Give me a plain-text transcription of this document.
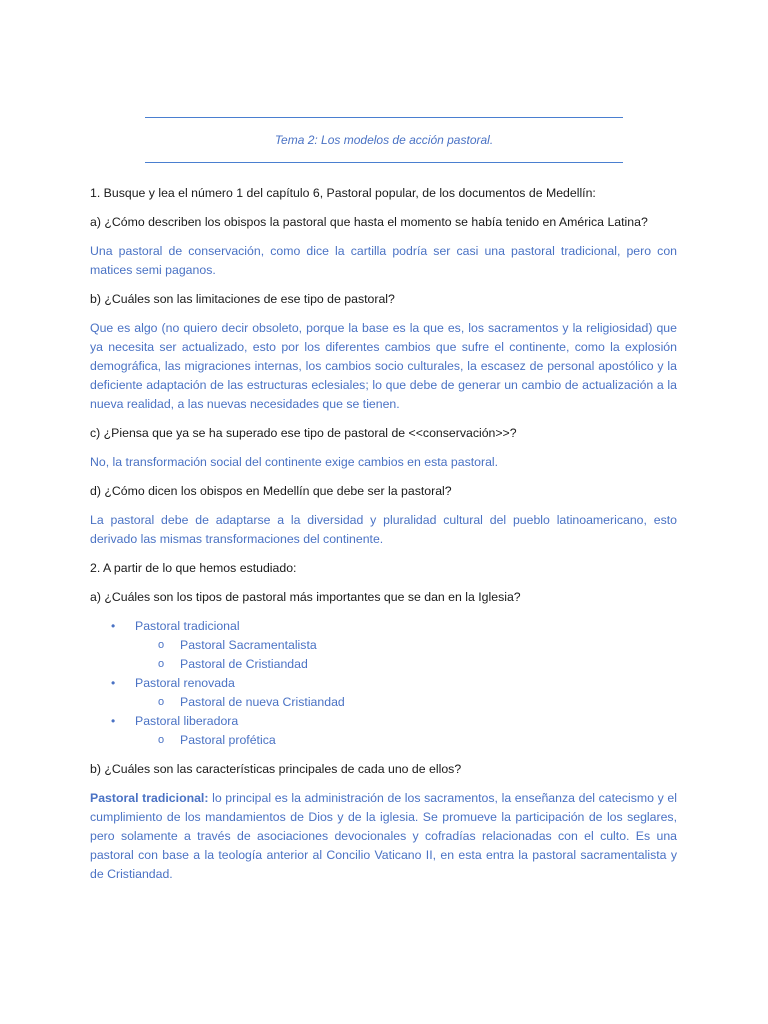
Tema 2: Los modelos de acción pastoral.

1. Busque y lea el número 1 del capítulo 6, Pastoral popular, de los documentos de Medellín:

a) ¿Cómo describen los obispos la pastoral que hasta el momento se había tenido en América Latina?

Una pastoral de conservación, como dice la cartilla podría ser casi una pastoral tradicional, pero con matices semi paganos.

b) ¿Cuáles son las limitaciones de ese tipo de pastoral?

Que es algo (no quiero decir obsoleto, porque la base es la que es, los sacramentos y la religiosidad) que ya necesita ser actualizado, esto por los diferentes cambios que sufre el continente, como la explosión demográfica, las migraciones internas, los cambios socio culturales, la escasez de personal apostólico y la deficiente adaptación de las estructuras eclesiales; lo que debe de generar un cambio de actualización a la nueva realidad, a las nuevas necesidades que se tienen.

c) ¿Piensa que ya se ha superado ese tipo de pastoral de <<conservación>>?

No, la transformación social del continente exige cambios en esta pastoral.

d) ¿Cómo dicen los obispos en Medellín que debe ser la pastoral?

La pastoral debe de adaptarse a la diversidad y pluralidad cultural del pueblo latinoamericano, esto derivado las mismas transformaciones del continente.

2. A partir de lo que hemos estudiado:

a) ¿Cuáles son los tipos de pastoral más importantes que se dan en la Iglesia?

• Pastoral tradicional
o Pastoral Sacramentalista
o Pastoral de Cristiandad
• Pastoral renovada
o Pastoral de nueva Cristiandad
• Pastoral liberadora
o Pastoral profética

b) ¿Cuáles son las características principales de cada uno de ellos?

Pastoral tradicional: lo principal es la administración de los sacramentos, la enseñanza del catecismo y el cumplimiento de los mandamientos de Dios y de la iglesia. Se promueve la participación de los seglares, pero solamente a través de asociaciones devocionales y cofradías relacionadas con el culto. Es una pastoral con base a la teología anterior al Concilio Vaticano II, en esta entra la pastoral sacramentalista y de Cristiandad.
